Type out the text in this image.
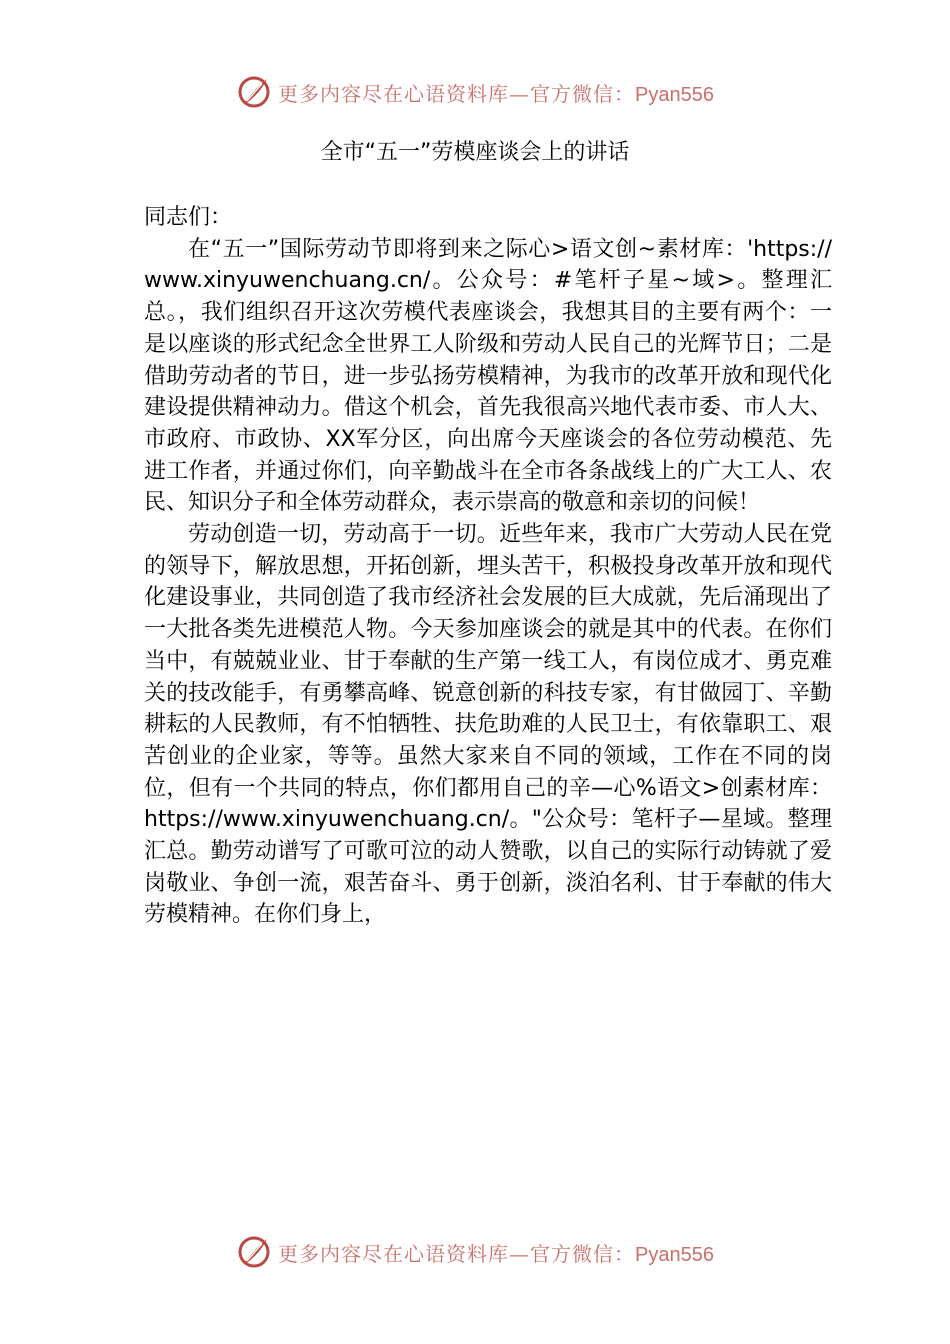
更多内容尽在心语资料库—官方微信：Pyan556
全市“五一”劳模座谈会上的讲话

同志们：

在“五一”国际劳动节即将到来之际心>语文创~素材库：'https://www.xinyuwenchuang.cn/。公众号：#笔杆子星~域>。整理汇总。，我们组织召开这次劳模代表座谈会，我想其目的主要有两个：一是以座谈的形式纪念全世界工人阶级和劳动人民自己的光辉节日；二是借助劳动者的节日，进一步弘扬劳模精神，为我市的改革开放和现代化建设提供精神动力。借这个机会，首先我很高兴地代表市委、市人大、市政府、市政协、XX军分区，向出席今天座谈会的各位劳动模范、先进工作者，并通过你们，向辛勤战斗在全市各条战线上的广大工人、农民、知识分子和全体劳动群众，表示崇高的敬意和亲切的问候！

劳动创造一切，劳动高于一切。近些年来，我市广大劳动人民在党的领导下，解放思想，开拓创新，埋头苦干，积极投身改革开放和现代化建设事业，共同创造了我市经济社会发展的巨大成就，先后涌现出了一大批各类先进模范人物。今天参加座谈会的就是其中的代表。在你们当中，有兢兢业业、甘于奉献的生产第一线工人，有岗位成才、勇克难关的技改能手，有勇攀高峰、锐意创新的科技专家，有甘做园丁、辛勤耕耘的人民教师，有不怕牺牲、扶危助难的人民卫士，有依靠职工、艰苦创业的企业家，等等。虽然大家来自不同的领域，工作在不同的岗位，但有一个共同的特点，你们都用自己的辛—心%语文>创素材库：https://www.xinyuwenchuang.cn/。"公众号：笔杆子—星域。整理汇总。勤劳动谱写了可歌可泣的动人赞歌，以自己的实际行动铸就了爱岗敬业、争创一流，艰苦奋斗、勇于创新，淡泊名利、甘于奉献的伟大劳模精神。在你们身上，

更多内容尽在心语资料库—官方微信：Pyan556
